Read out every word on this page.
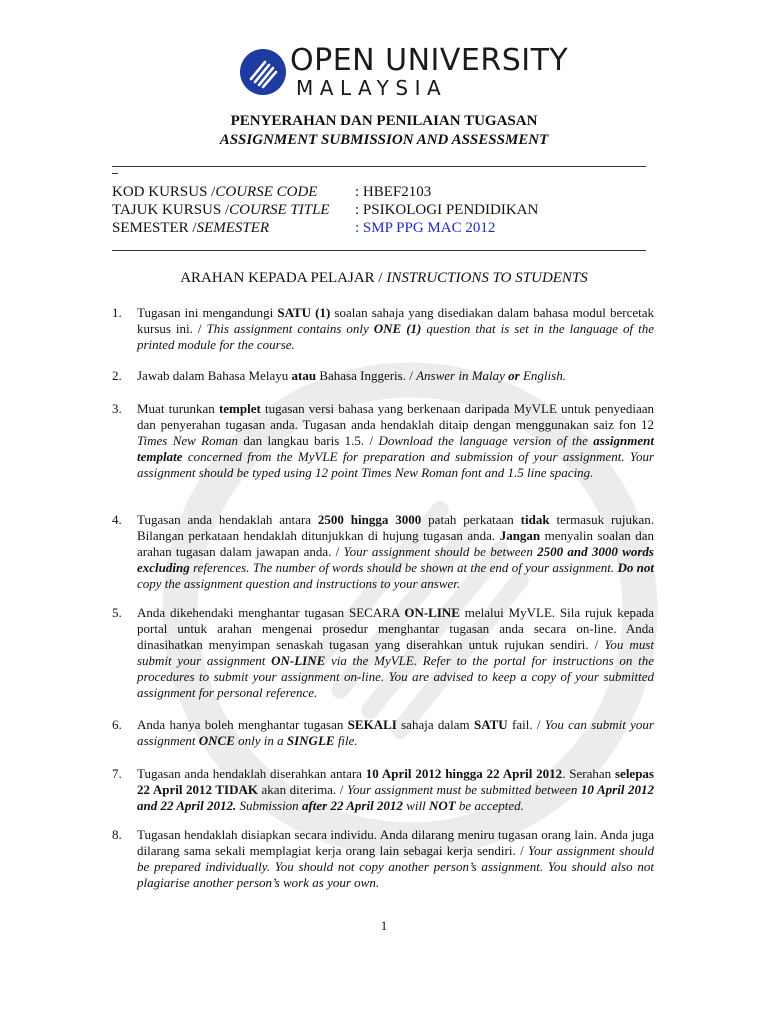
OPEN UNIVERSITY
MALAYSIA
PENYERAHAN DAN PENILAIAN TUGASAN
ASSIGNMENT SUBMISSION AND ASSESSMENT
KOD KURSUS /COURSE CODE	: HBEF2103
TAJUK KURSUS /COURSE TITLE : PSIKOLOGI PENDIDIKAN
SEMESTER /SEMESTER	: SMP PPG MAC 2012
ARAHAN KEPADA PELAJAR / INSTRUCTIONS TO STUDENTS
1.	Tugasan ini mengandungi SATU (1) soalan sahaja yang disediakan dalam bahasa modul bercetak kursus ini. / This assignment contains only ONE (1) question that is set in the language of the printed module for the course.
2.	Jawab dalam Bahasa Melayu atau Bahasa Inggeris. / Answer in Malay or English.
3.	Muat turunkan templet tugasan versi bahasa yang berkenaan daripada MyVLE untuk penyediaan dan penyerahan tugasan anda. Tugasan anda hendaklah ditaip dengan menggunakan saiz fon 12 Times New Roman dan langkau baris 1.5. / Download the language version of the assignment template concerned from the MyVLE for preparation and submission of your assignment. Your assignment should be typed using 12 point Times New Roman font and 1.5 line spacing.
4.	Tugasan anda hendaklah antara 2500 hingga 3000 patah perkataan tidak termasuk rujukan. Bilangan perkataan hendaklah ditunjukkan di hujung tugasan anda. Jangan menyalin soalan dan arahan tugasan dalam jawapan anda. / Your assignment should be between 2500 and 3000 words excluding references. The number of words should be shown at the end of your assignment. Do not copy the assignment question and instructions to your answer.
5.	Anda dikehendaki menghantar tugasan SECARA ON-LINE melalui MyVLE. Sila rujuk kepada portal untuk arahan mengenai prosedur menghantar tugasan anda secara on-line. Anda dinasihatkan menyimpan senaskah tugasan yang diserahkan untuk rujukan sendiri. / You must submit your assignment ON-LINE via the MyVLE. Refer to the portal for instructions on the procedures to submit your assignment on-line. You are advised to keep a copy of your submitted assignment for personal reference.
6.	Anda hanya boleh menghantar tugasan SEKALI sahaja dalam SATU fail. / You can submit your assignment ONCE only in a SINGLE file.
7.	Tugasan anda hendaklah diserahkan antara 10 April 2012 hingga 22 April 2012. Serahan selepas 22 April 2012 TIDAK akan diterima. / Your assignment must be submitted between 10 April 2012 and 22 April 2012. Submission after 22 April 2012 will NOT be accepted.
8.	Tugasan hendaklah disiapkan secara individu. Anda dilarang meniru tugasan orang lain. Anda juga dilarang sama sekali memplagiat kerja orang lain sebagai kerja sendiri. / Your assignment should be prepared individually. You should not copy another person’s assignment. You should also not plagiarise another person’s work as your own.
1
